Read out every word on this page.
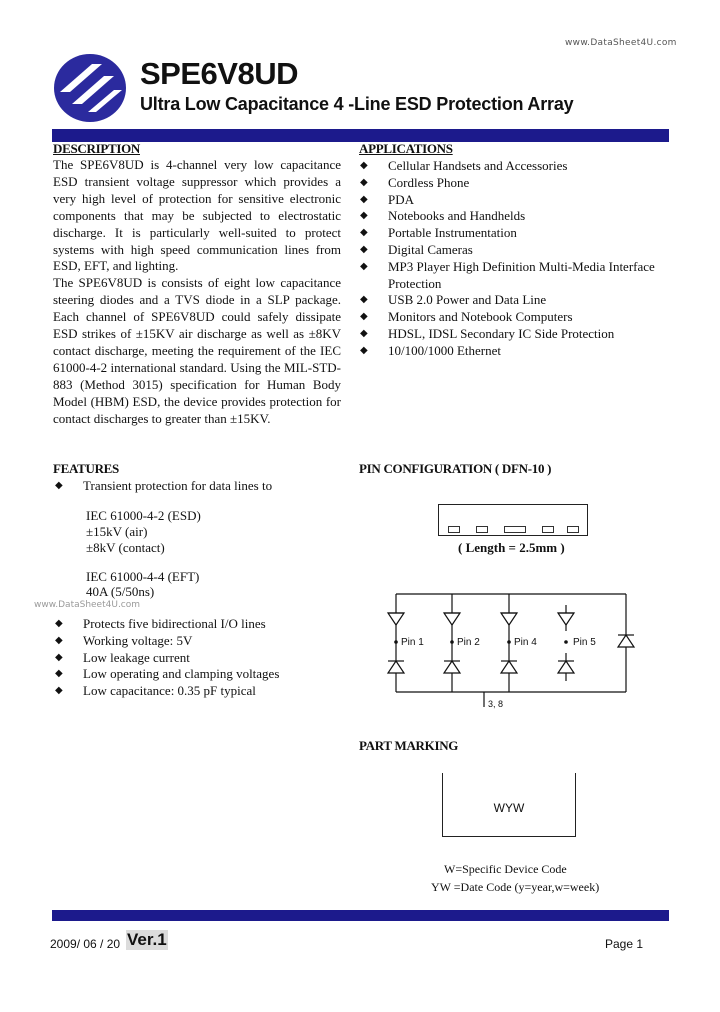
www.DataSheet4U.com
www.DataSheet4U.com
SPE6V8UD
Ultra Low Capacitance 4 -Line ESD Protection Array
DESCRIPTION

The SPE6V8UD is 4-channel very low capacitance ESD transient voltage suppressor which provides a very high level of protection for sensitive electronic components that may be subjected to electrostatic discharge. It is particularly well-suited to protect systems with high speed communication lines from ESD, EFT, and lighting.

The SPE6V8UD is consists of eight low capacitance steering diodes and a TVS diode in a SLP package. Each channel of SPE6V8UD could safely dissipate ESD strikes of ±15KV air discharge as well as ±8KV contact discharge, meeting the requirement of the IEC 61000-4-2 international standard. Using the MIL-STD-883 (Method 3015) specification for Human Body Model (HBM) ESD, the device provides protection for contact discharges to greater than ±15KV.

APPLICATIONS
◆ Cellular Handsets and Accessories
◆ Cordless Phone
◆ PDA
◆ Notebooks and Handhelds
◆ Portable Instrumentation
◆ Digital Cameras
◆ MP3 Player High Definition Multi-Media Interface Protection
◆ USB 2.0 Power and Data Line
◆ Monitors and Notebook Computers
◆ HDSL, IDSL Secondary IC Side Protection
◆ 10/100/1000 Ethernet
FEATURES
◆ Transient protection for data lines to
IEC 61000-4-2 (ESD)
±15kV (air)
±8kV (contact)
IEC 61000-4-4 (EFT)
40A (5/50ns)
◆ Protects five bidirectional I/O lines
◆ Working voltage: 5V
◆ Low leakage current
◆ Low operating and clamping voltages
◆ Low capacitance: 0.35 pF typical
PIN CONFIGURATION ( DFN-10 )
( Length = 2.5mm )
Pin 1	Pin 2	Pin 4	Pin 5
3, 8
PART MARKING
WYW
W=Specific Device Code
YW =Date Code (y=year,w=week)
2009/ 06 / 20 Ver.1	Page 1
